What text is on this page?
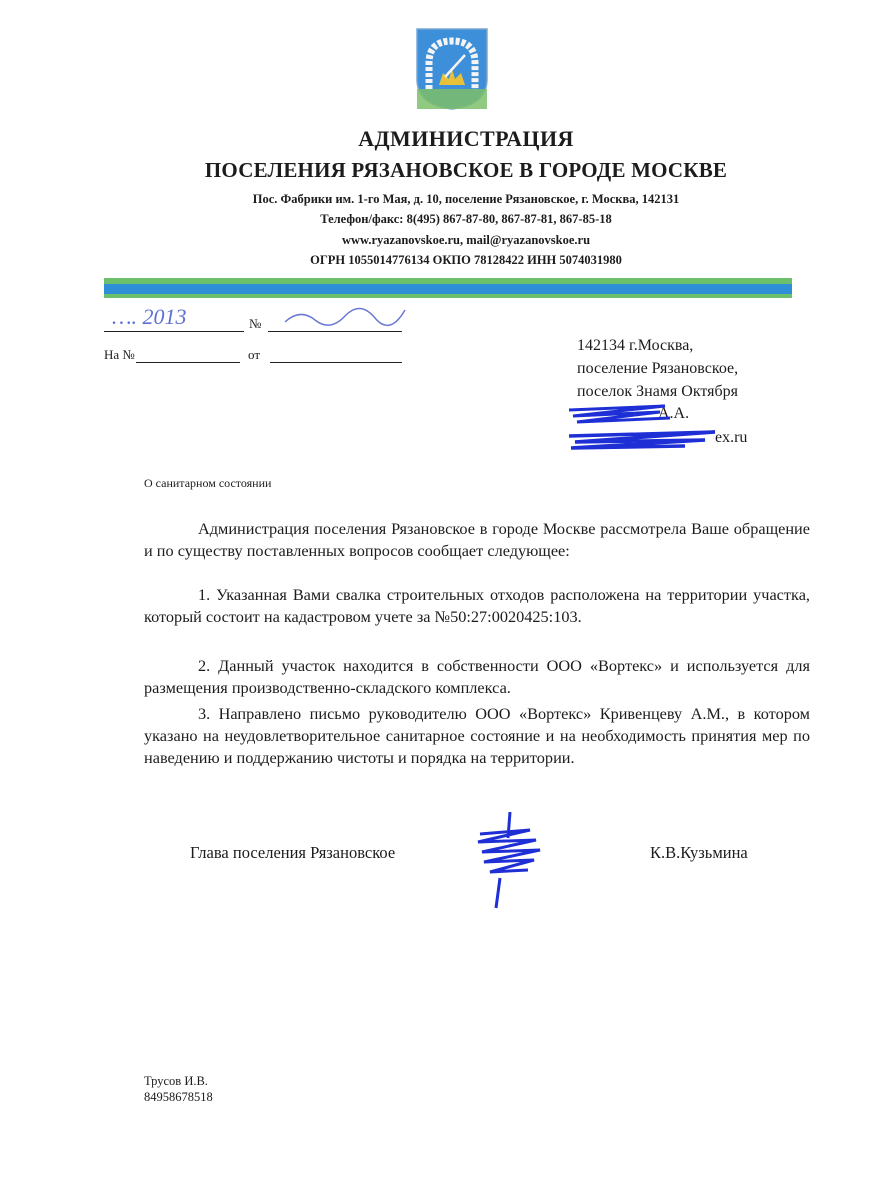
АДМИНИСТРАЦИЯ
ПОСЕЛЕНИЯ РЯЗАНОВСКОЕ В ГОРОДЕ МОСКВЕ
Пос. Фабрики им. 1-го Мая, д. 10, поселение Рязановское, г. Москва, 142131
Телефон/факс: 8(495) 867-87-80, 867-87-81, 867-85-18
www.ryazanovskoe.ru, mail@ryazanovskoe.ru
ОГРН 1055014776134 ОКПО 78128422 ИНН 5074031980
…. 2013	№
На №	от
142134 г.Москва,
поселение Рязановское,
поселок Знамя Октября
А.А.
ex.ru
О санитарном состоянии

Администрация поселения Рязановское в городе Москве рассмотрела Ваше обращение и по существу поставленных вопросов сообщает следующее:

1. Указанная Вами свалка строительных отходов расположена на территории участка, который состоит на кадастровом учете за №50:27:0020425:103.

2. Данный участок находится в собственности ООО «Вортекс» и используется для размещения производственно-складского комплекса.

3. Направлено письмо руководителю ООО «Вортекс» Кривенцеву А.М., в котором указано на неудовлетворительное санитарное состояние и на необходимость принятия мер по наведению и поддержанию чистоты и порядка на территории.

Глава поселения Рязановское	К.В.Кузьмина
Трусов И.В.
84958678518
